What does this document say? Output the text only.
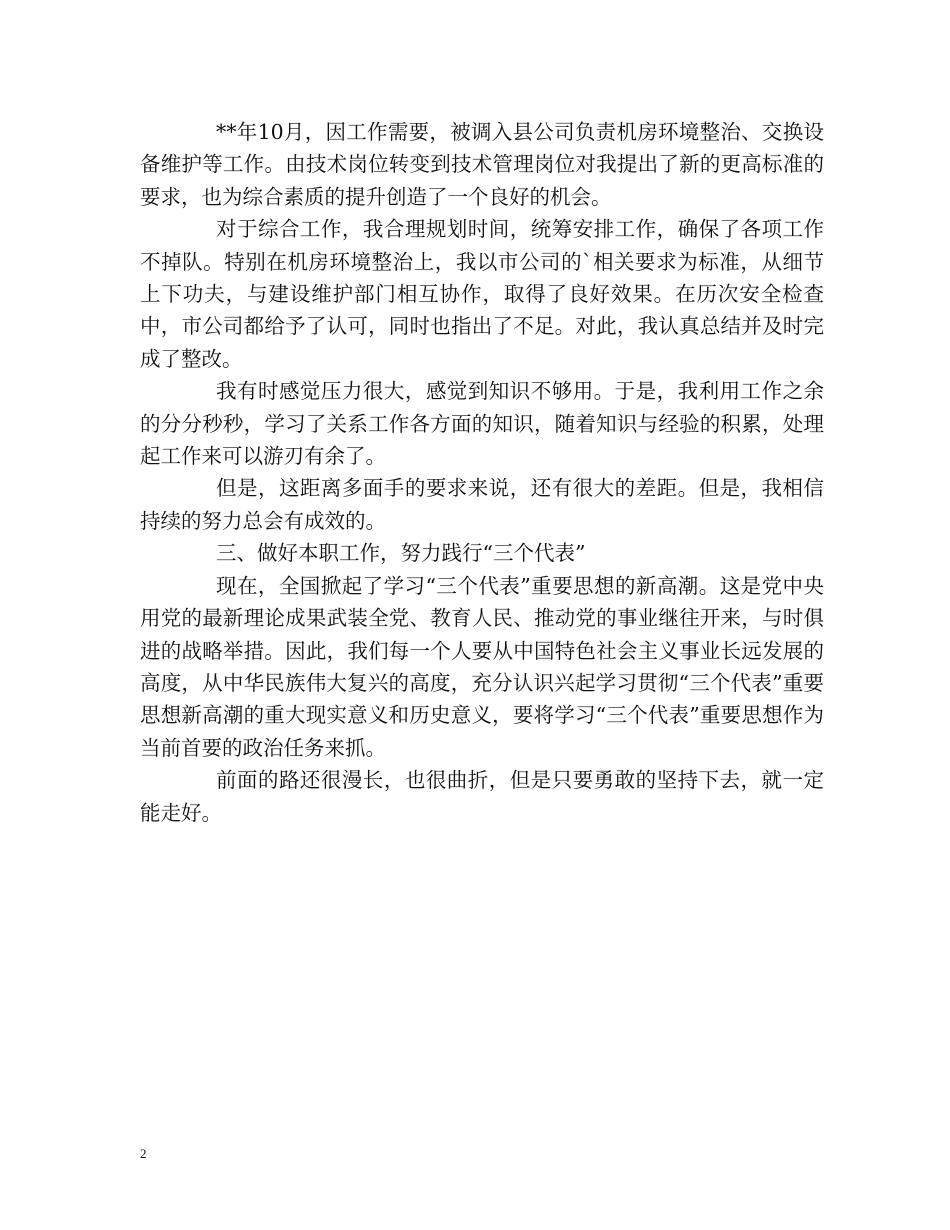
**年10月，因工作需要，被调入县公司负责机房环境整治、交换设备维护等工作。由技术岗位转变到技术管理岗位对我提出了新的更高标准的要求，也为综合素质的提升创造了一个良好的机会。

对于综合工作，我合理规划时间，统筹安排工作，确保了各项工作不掉队。特别在机房环境整治上，我以市公司的`相关要求为标准，从细节上下功夫，与建设维护部门相互协作，取得了良好效果。在历次安全检查中，市公司都给予了认可，同时也指出了不足。对此，我认真总结并及时完成了整改。

我有时感觉压力很大，感觉到知识不够用。于是，我利用工作之余的分分秒秒，学习了关系工作各方面的知识，随着知识与经验的积累，处理起工作来可以游刃有余了。

但是，这距离多面手的要求来说，还有很大的差距。但是，我相信持续的努力总会有成效的。

三、做好本职工作，努力践行“三个代表”

现在，全国掀起了学习“三个代表”重要思想的新高潮。这是党中央用党的最新理论成果武装全党、教育人民、推动党的事业继往开来，与时俱进的战略举措。因此，我们每一个人要从中国特色社会主义事业长远发展的高度，从中华民族伟大复兴的高度，充分认识兴起学习贯彻“三个代表”重要思想新高潮的重大现实意义和历史意义，要将学习“三个代表”重要思想作为当前首要的政治任务来抓。

前面的路还很漫长，也很曲折，但是只要勇敢的坚持下去，就一定能走好。

2
